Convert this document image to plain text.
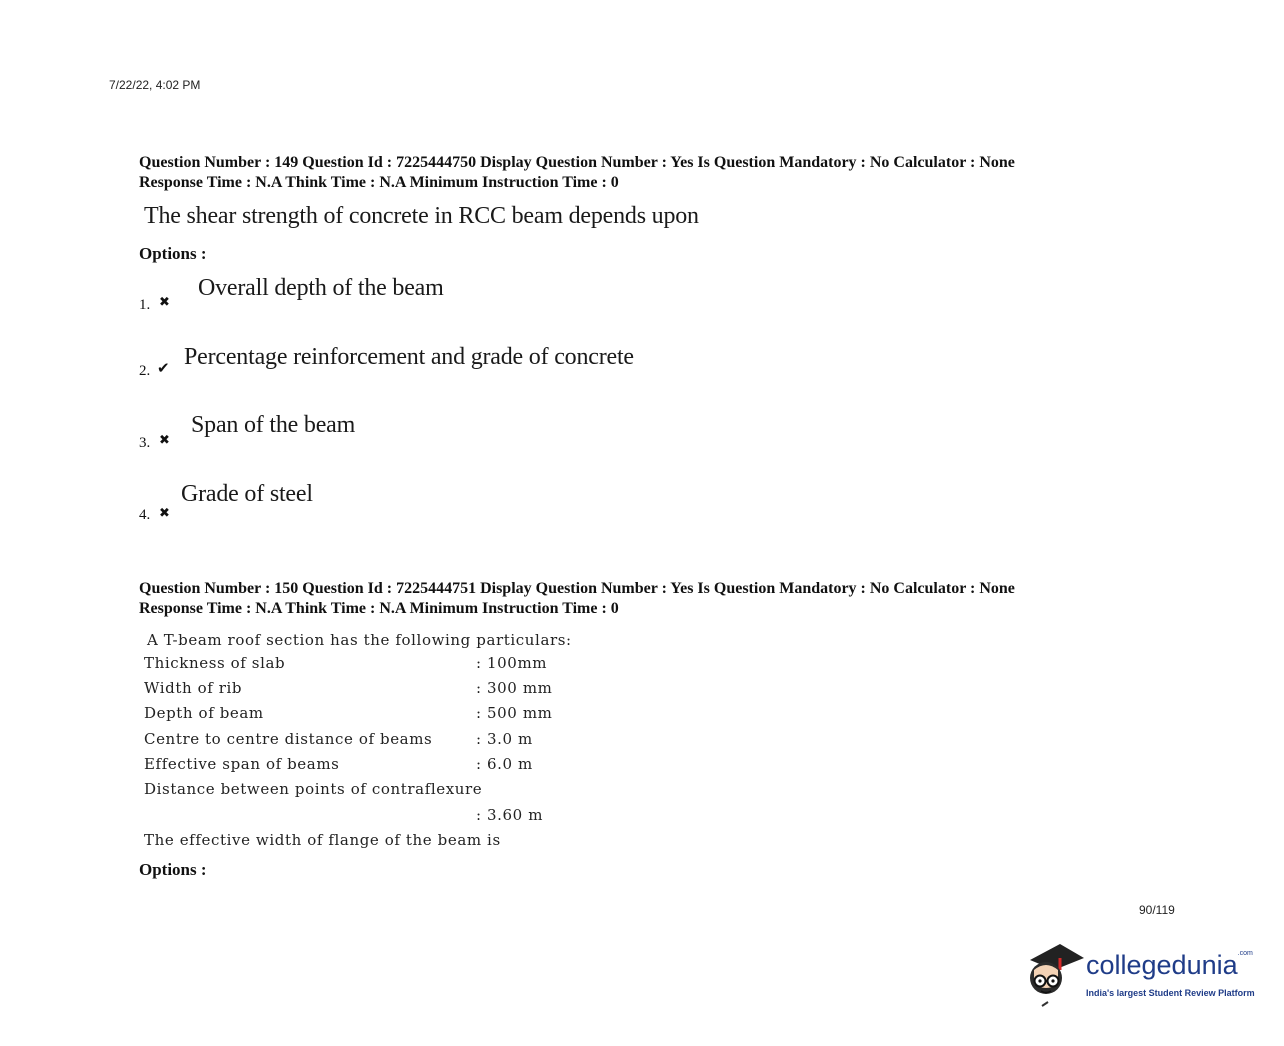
7/22/22, 4:02 PM
Question Number : 149 Question Id : 7225444750 Display Question Number : Yes Is Question Mandatory : No Calculator : None
Response Time : N.A Think Time : N.A Minimum Instruction Time : 0
The shear strength of concrete in RCC beam depends upon
Options :
1. ✖
Overall depth of the beam
2. ✔ Percentage reinforcement and grade of concrete
3. ✖
Span of the beam
4. ✖
Grade of steel
Question Number : 150 Question Id : 7225444751 Display Question Number : Yes Is Question Mandatory : No Calculator : None
Response Time : N.A Think Time : N.A Minimum Instruction Time : 0
A T-beam roof section has the following particulars:
Thickness of slab	: 100mm
Width of rib	: 300 mm
Depth of beam	: 500 mm
Centre to centre distance of beams	: 3.0 m
Effective span of beams	: 6.0 m
Distance between points of contraflexure
: 3.60 m
The effective width of flange of the beam is
Options :
90/119
collegedunia$^{.com}$
India's largest Student Review Platform
